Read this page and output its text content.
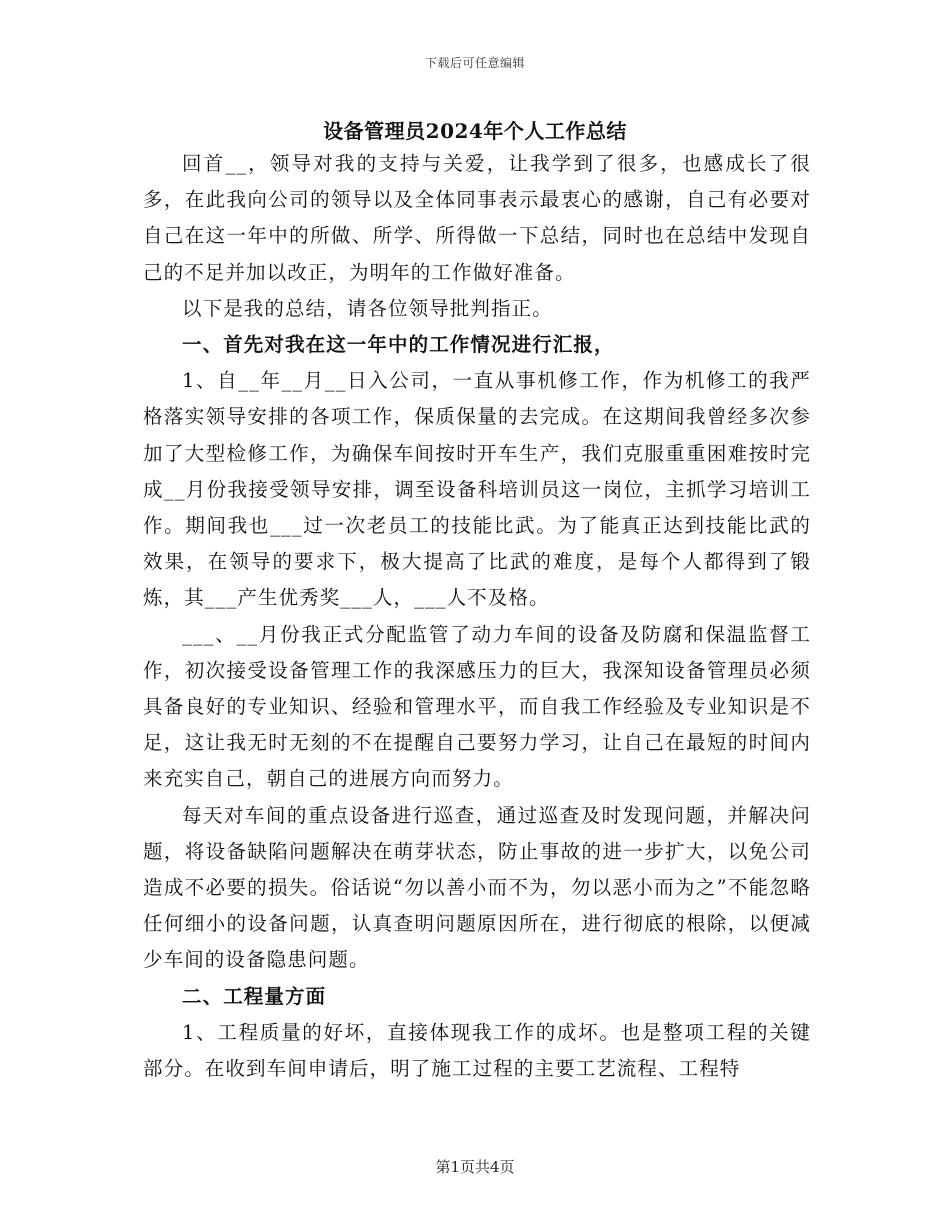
下载后可任意编辑
设备管理员2024年个人工作总结

回首__，领导对我的支持与关爱，让我学到了很多，也感成长了很多，在此我向公司的领导以及全体同事表示最衷心的感谢，自己有必要对自己在这一年中的所做、所学、所得做一下总结，同时也在总结中发现自己的不足并加以改正，为明年的工作做好准备。

以下是我的总结，请各位领导批判指正。

一、首先对我在这一年中的工作情况进行汇报，

1、自__年__月__日入公司，一直从事机修工作，作为机修工的我严格落实领导安排的各项工作，保质保量的去完成。在这期间我曾经多次参加了大型检修工作，为确保车间按时开车生产，我们克服重重困难按时完成__月份我接受领导安排，调至设备科培训员这一岗位，主抓学习培训工作。期间我也___过一次老员工的技能比武。为了能真正达到技能比武的效果，在领导的要求下，极大提高了比武的难度，是每个人都得到了锻炼，其___产生优秀奖___人，___人不及格。

___、__月份我正式分配监管了动力车间的设备及防腐和保温监督工作，初次接受设备管理工作的我深感压力的巨大，我深知设备管理员必须具备良好的专业知识、经验和管理水平，而自我工作经验及专业知识是不足，这让我无时无刻的不在提醒自己要努力学习，让自己在最短的时间内来充实自己，朝自己的进展方向而努力。

每天对车间的重点设备进行巡查，通过巡查及时发现问题，并解决问题，将设备缺陷问题解决在萌芽状态，防止事故的进一步扩大，以免公司造成不必要的损失。俗话说“勿以善小而不为，勿以恶小而为之”不能忽略任何细小的设备问题，认真查明问题原因所在，进行彻底的根除，以便减少车间的设备隐患问题。

二、工程量方面

1、工程质量的好坏，直接体现我工作的成坏。也是整项工程的关键部分。在收到车间申请后，明了施工过程的主要工艺流程、工程特

第1页共4页
